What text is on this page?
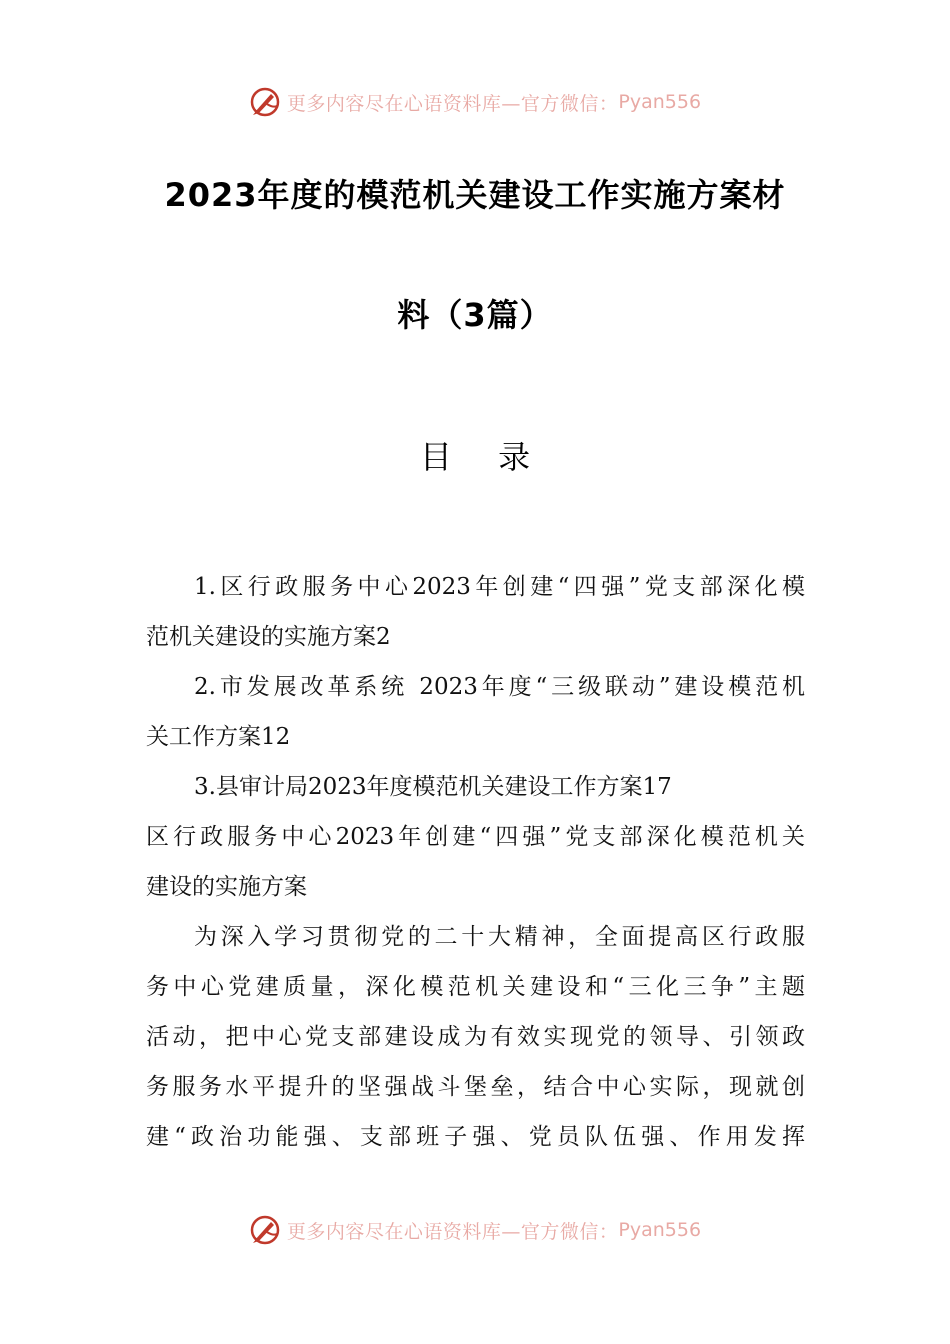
更多内容尽在心语资料库—官方微信： Pyan556
2023年度的模范机关建设工作实施方案材
料（3篇）
目 录
1.区行政服务中心2023年创建“四强”党支部深化模
范机关建设的实施方案2
2.市发展改革系统 2023年度“三级联动”建设模范机
关工作方案12
3.县审计局2023年度模范机关建设工作方案17
区行政服务中心2023年创建“四强”党支部深化模范机关
建设的实施方案
为深入学习贯彻党的二十大精神，全面提高区行政服
务中心党建质量，深化模范机关建设和“三化三争”主题
活动，把中心党支部建设成为有效实现党的领导、引领政
务服务水平提升的坚强战斗堡垒，结合中心实际，现就创
建“政治功能强、支部班子强、党员队伍强、作用发挥
更多内容尽在心语资料库—官方微信： Pyan556
